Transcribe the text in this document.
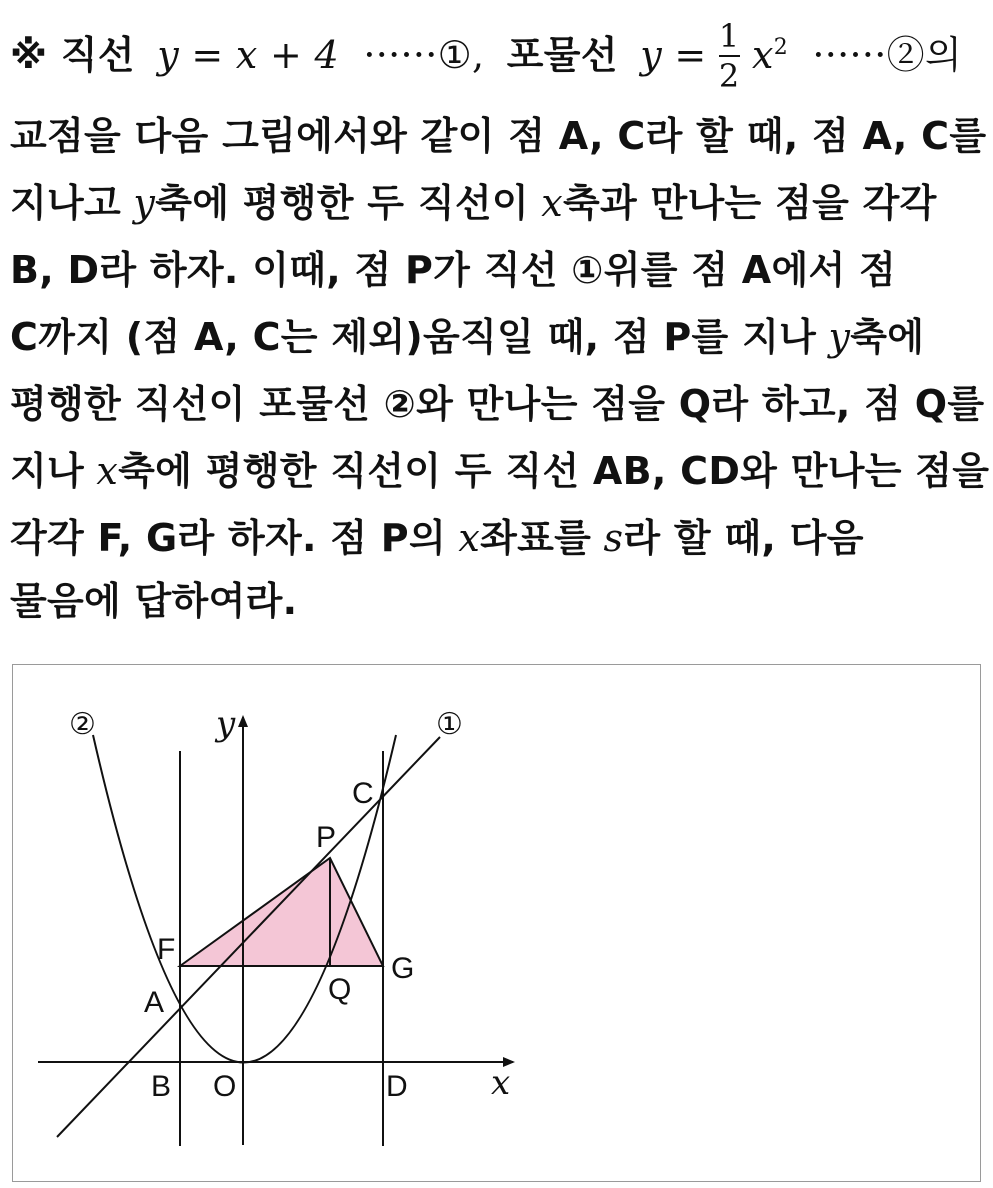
※ 직선 y = x + 4 ······①, 포물선 $y = \frac{1}{2} x^2$ ······②의
교점을 다음 그림에서와 같이 점 A, C라 할 때, 점 A, C를
지나고 y축에 평행한 두 직선이 x축과 만나는 점을 각각
B, D라 하자. 이때, 점 P가 직선 ①위를 점 A에서 점
C까지 (점 A, C는 제외)움직일 때, 점 P를 지나 y축에
평행한 직선이 포물선 ②와 만나는 점을 Q라 하고, 점 Q를
지나 x축에 평행한 직선이 두 직선 AB, CD와 만나는 점을
각각 F, G라 하자. 점 P의 x좌표를 s라 할 때, 다음
물음에 답하여라.
②	①
y
x
C
P
F
G
Q
A
B O	D
